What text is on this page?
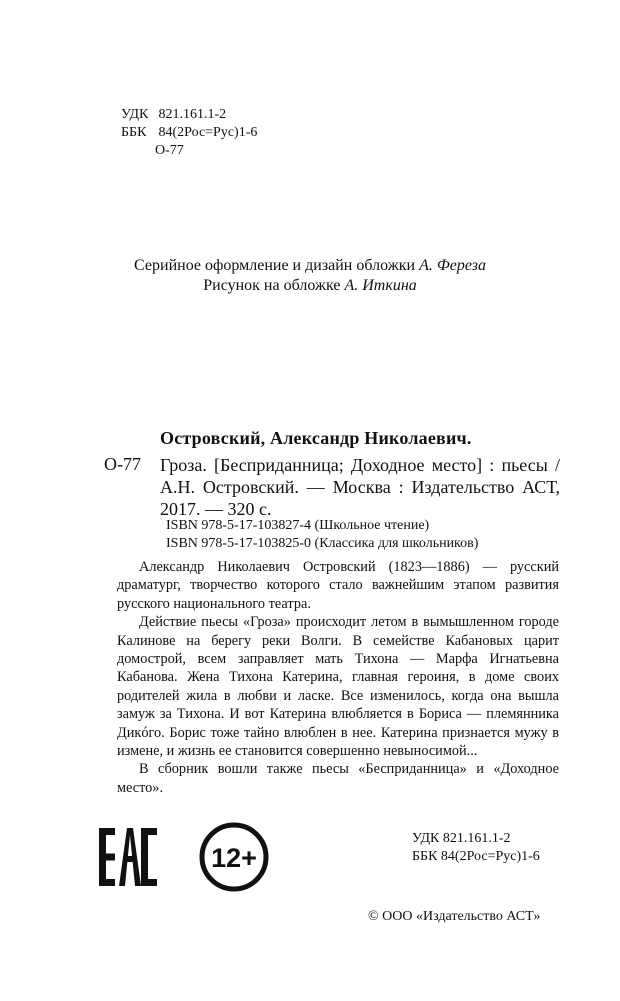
УДК 821.161.1-2
ББК 84(2Рос=Рус)1-6
О-77
Серийное оформление и дизайн обложки А. Фереза
Рисунок на обложке А. Иткина
Островский, Александр Николаевич.
О-77 Гроза. [Бесприданница; Доходное место] : пьесы / А.Н. Островский. — Москва : Издательство АСТ, 2017. — 320 с.
ISBN 978-5-17-103827-4 (Школьное чтение)
ISBN 978-5-17-103825-0 (Классика для школьников)

Александр Николаевич Островский (1823—1886) — русский драматург, творчество которого стало важнейшим этапом развития русского национального театра.

Действие пьесы «Гроза» происходит летом в вымышленном городе Калинове на берегу реки Волги. В семействе Кабановых царит домострой, всем заправляет мать Тихона — Марфа Игнатьевна Кабанова. Жена Тихона Катерина, главная героиня, в доме своих родителей жила в любви и ласке. Все изменилось, когда она вышла замуж за Тихона. И вот Катерина влюбляется в Бориса — племянника Дикóго. Борис тоже тайно влюблен в нее. Катерина признается мужу в измене, и жизнь ее становится совершенно невыносимой...

В сборник вошли также пьесы «Бесприданница» и «Доходное место».

УДК 821.161.1-2
ББК 84(2Рос=Рус)1-6
12+
© ООО «Издательство АСТ»
